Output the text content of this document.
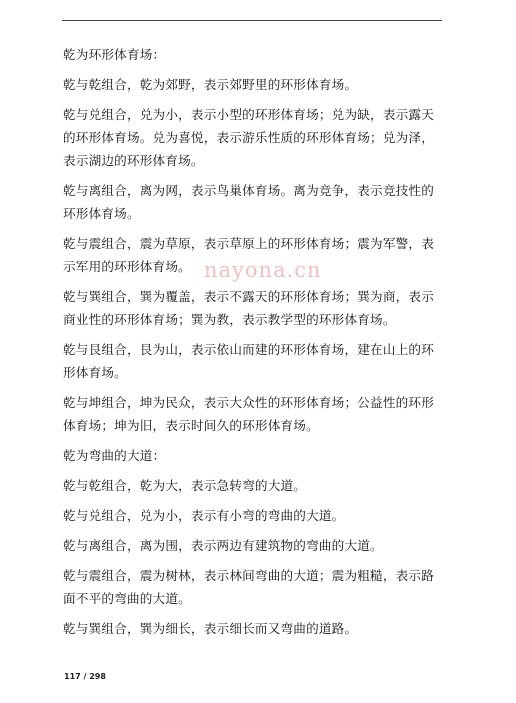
乾为环形体育场：

乾与乾组合，乾为郊野，表示郊野里的环形体育场。

乾与兑组合，兑为小，表示小型的环形体育场；兑为缺，表示露天的环形体育场。兑为喜悦，表示游乐性质的环形体育场；兑为泽，表示湖边的环形体育场。

乾与离组合，离为网，表示鸟巢体育场。离为竞争，表示竞技性的环形体育场。

乾与震组合，震为草原，表示草原上的环形体育场；震为军警，表示军用的环形体育场。

乾与巽组合，巽为覆盖，表示不露天的环形体育场；巽为商，表示商业性的环形体育场；巽为教，表示教学型的环形体育场。

乾与艮组合，艮为山，表示依山而建的环形体育场，建在山上的环形体育场。

乾与坤组合，坤为民众，表示大众性的环形体育场；公益性的环形体育场；坤为旧，表示时间久的环形体育场。

乾为弯曲的大道：

乾与乾组合，乾为大，表示急转弯的大道。

乾与兑组合，兑为小，表示有小弯的弯曲的大道。

乾与离组合，离为围，表示两边有建筑物的弯曲的大道。

乾与震组合，震为树林，表示林间弯曲的大道；震为粗糙，表示路面不平的弯曲的大道。

乾与巽组合，巽为细长，表示细长而又弯曲的道路。

nayona.cn
117 / 298
